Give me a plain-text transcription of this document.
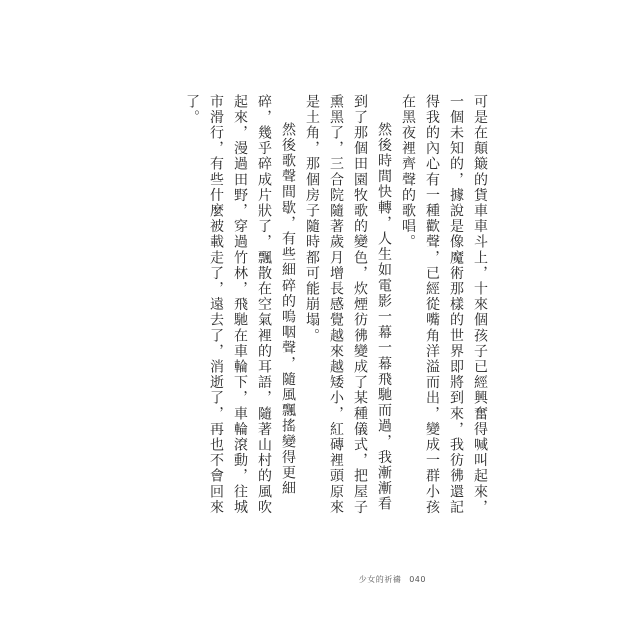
可是在顛簸的貨車車斗上，十來個孩子已經興奮得喊叫起來，一個未知的，據說是像魔術那樣的世界即將到來，我彷彿還記得我的內心有一種歡聲，已經從嘴角洋溢而出，變成一群小孩在黑夜裡齊聲的歌唱。

然後時間快轉，人生如電影一幕一幕飛馳而過，我漸漸看到了那個田園牧歌的變色，炊煙彷彿變成了某種儀式，把屋子熏黑了，三合院隨著歲月增長感覺越來越矮小，紅磚裡頭原來是土角，那個房子隨時都可能崩塌。

然後歌聲間歇，有些細碎的嗚咽聲，隨風飄搖變得更細碎，幾乎碎成片狀了，飄散在空氣裡的耳語，隨著山村的風吹起來，漫過田野，穿過竹林，飛馳在車輪下，車輪滾動，往城市滑行，有些什麼被載走了，遠去了，消逝了，再也不會回來了。

少女的祈禱 040
